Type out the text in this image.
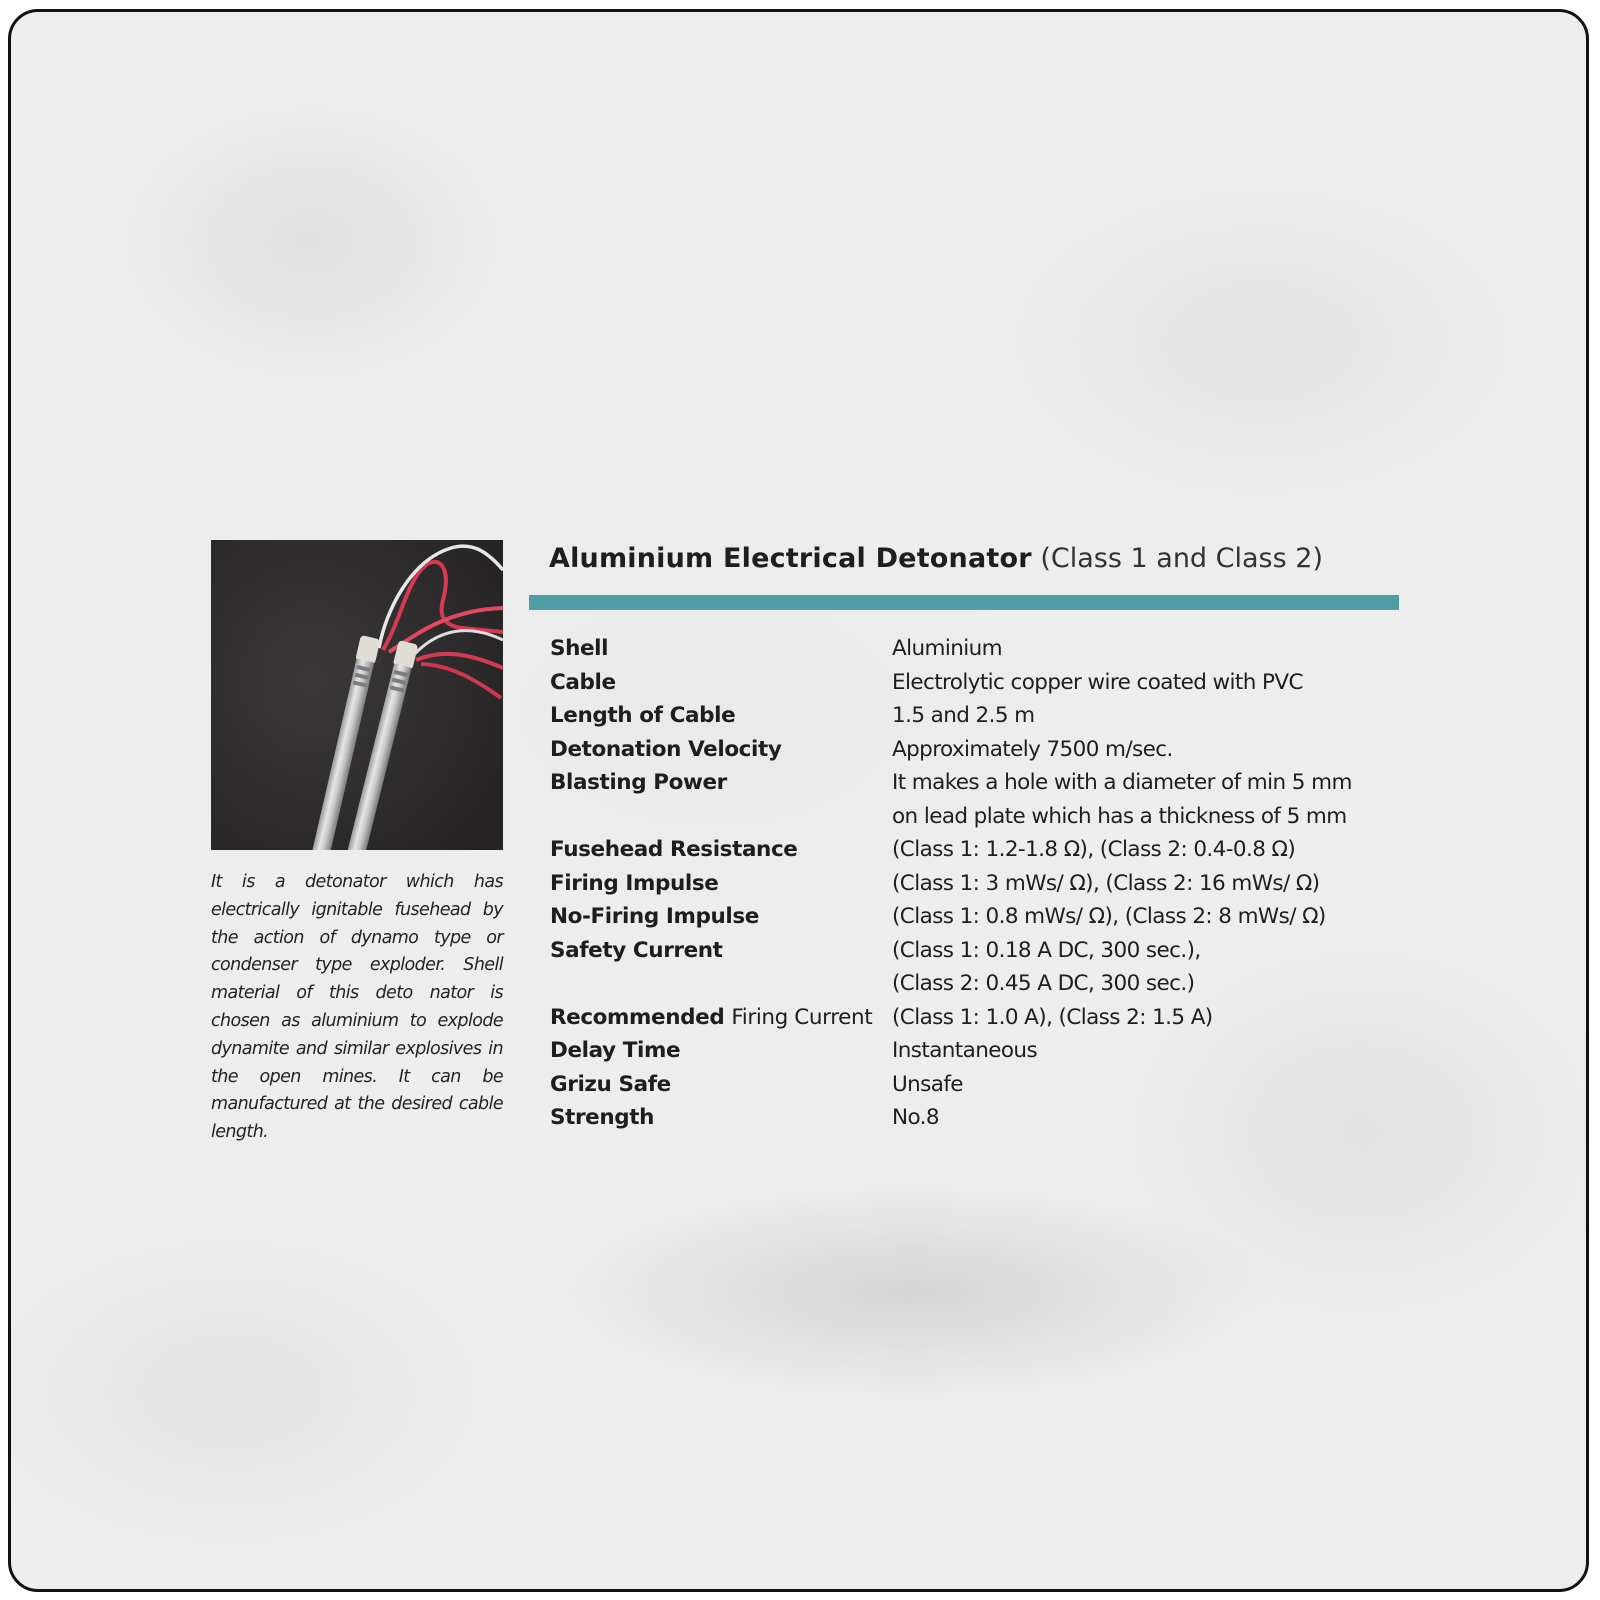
It is a detonator which has electrically ignitable fusehead by the action of dynamo type or condenser type exploder. Shell material of this deto nator is chosen as aluminium to explode dynamite and similar explosives in the open mines. It can be manufactured at the desired cable length.

Aluminium Electrical Detonator (Class 1 and Class 2)
Shell	Aluminium
Cable	Electrolytic copper wire coated with PVC
Length of Cable	1.5 and 2.5 m
Detonation Velocity	Approximately 7500 m/sec.
Blasting Power	It makes a hole with a diameter of min 5 mm
on lead plate which has a thickness of 5 mm
Fusehead Resistance	(Class 1: 1.2-1.8 Ω), (Class 2: 0.4-0.8 Ω)
Firing Impulse	(Class 1: 3 mWs/ Ω), (Class 2: 16 mWs/ Ω)
No-Firing Impulse	(Class 1: 0.8 mWs/ Ω), (Class 2: 8 mWs/ Ω)
Safety Current	(Class 1: 0.18 A DC, 300 sec.),
(Class 2: 0.45 A DC, 300 sec.)
Recommended Firing Current (Class 1: 1.0 A), (Class 2: 1.5 A)
Delay Time	Instantaneous
Grizu Safe	Unsafe
Strength	No.8
